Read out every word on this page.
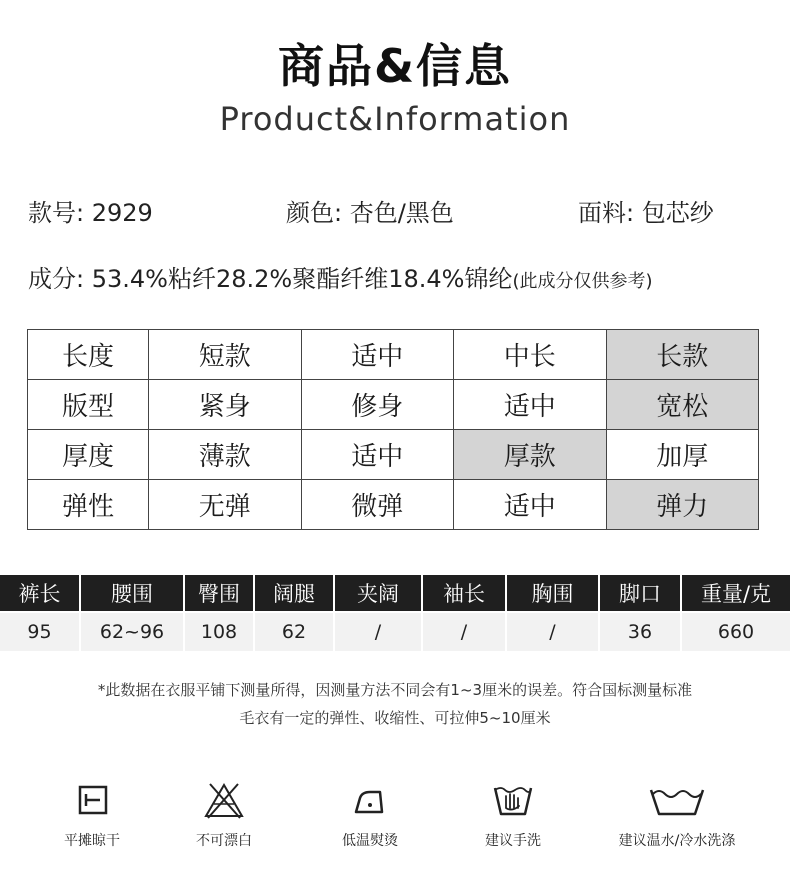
商品&信息
Product&Information
款号: 2929	颜色: 杏色/黑色	面料: 包芯纱
成分: 53.4%粘纤28.2%聚酯纤维18.4%锦纶(此成分仅供参考)
长度	短款	适中	中长	长款
版型	紧身	修身	适中	宽松
厚度	薄款	适中	厚款	加厚
弹性	无弹	微弹	适中	弹力
裤长	腰围	臀围	阔腿	夹阔	袖长	胸围	脚口	重量/克
95	62~96	108	62	/	/	/	36	660
*此数据在衣服平铺下测量所得，因测量方法不同会有1~3厘米的误差。符合国标测量标准
毛衣有一定的弹性、收缩性、可拉伸5~10厘米
平摊晾干	不可漂白	低温熨烫	建议手洗	建议温水/冷水洗涤
